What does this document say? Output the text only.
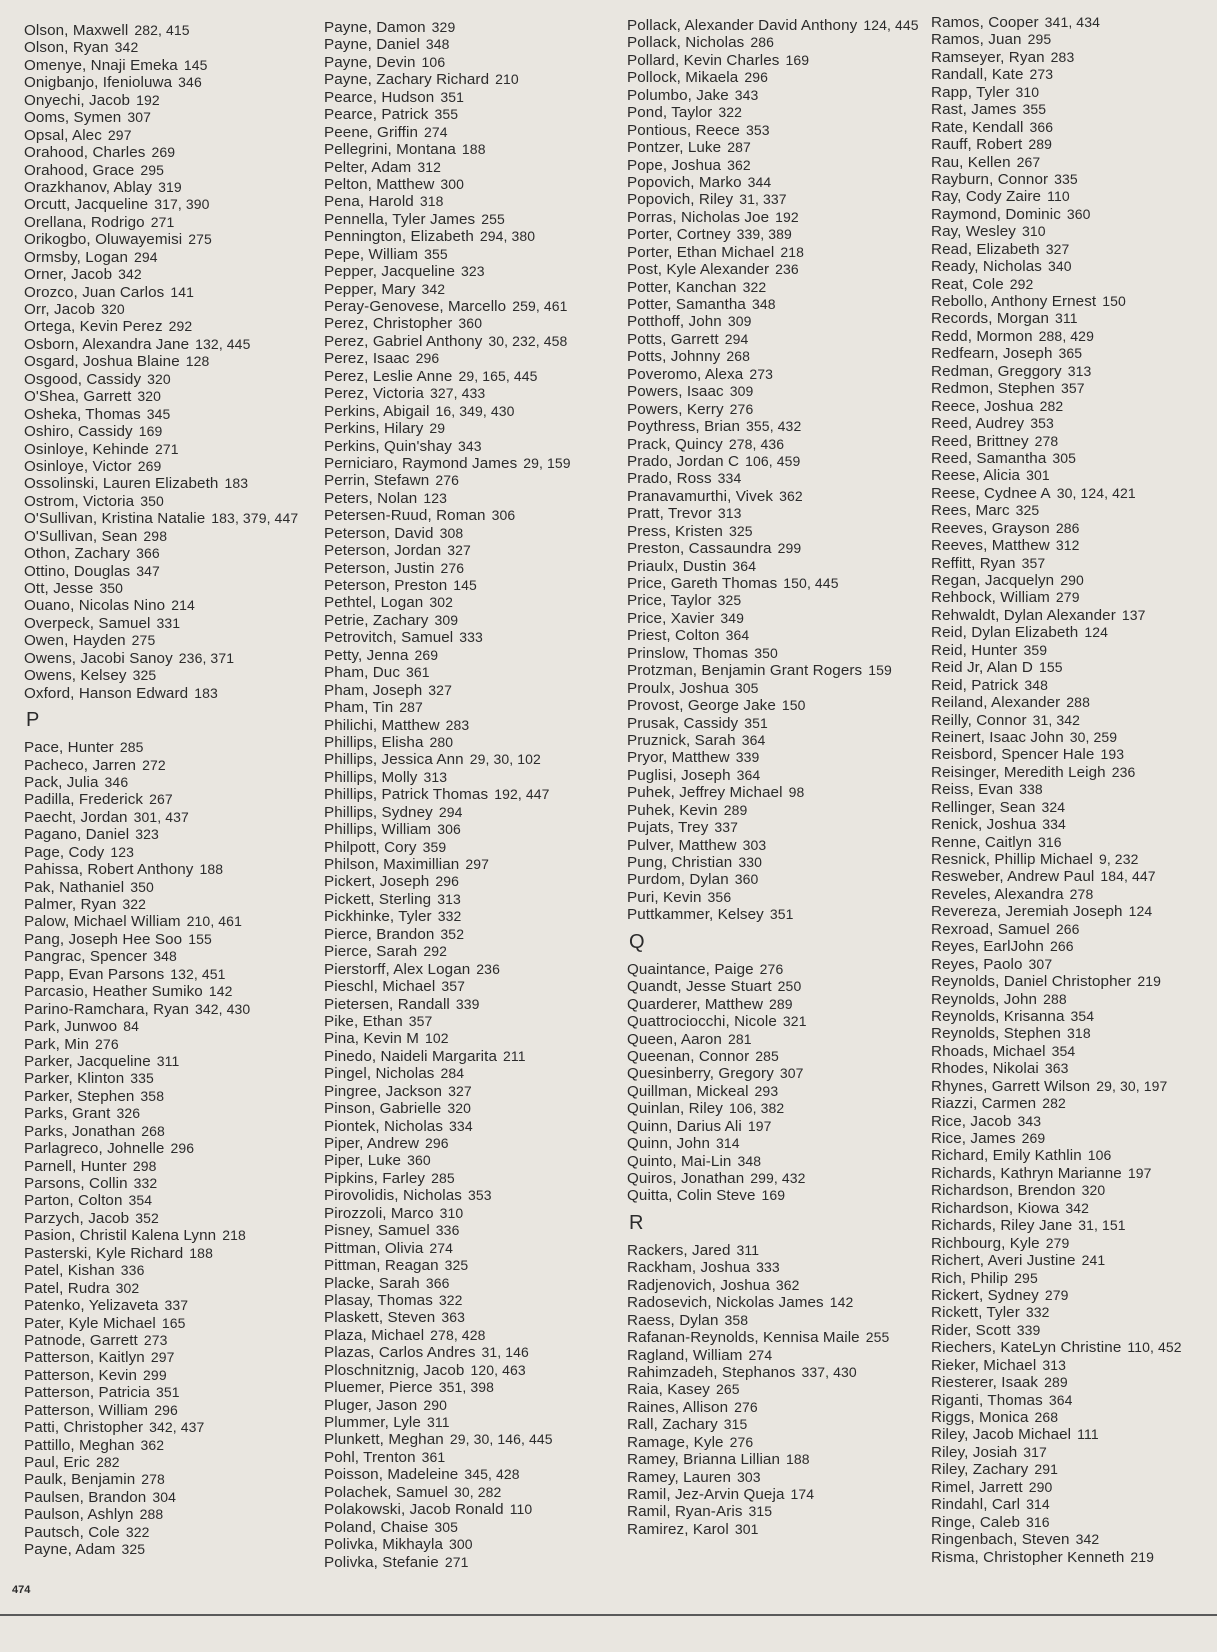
Olson, Maxwell 282, 415
Olson, Ryan 342
Omenye, Nnaji Emeka 145
Onigbanjo, Ifenioluwa 346
Onyechi, Jacob 192
Ooms, Symen 307
Opsal, Alec 297
Orahood, Charles 269
Orahood, Grace 295
Orazkhanov, Ablay 319
Orcutt, Jacqueline 317, 390
Orellana, Rodrigo 271
Orikogbo, Oluwayemisi 275
Ormsby, Logan 294
Orner, Jacob 342
Orozco, Juan Carlos 141
Orr, Jacob 320
Ortega, Kevin Perez 292
Osborn, Alexandra Jane 132, 445
Osgard, Joshua Blaine 128
Osgood, Cassidy 320
O'Shea, Garrett 320
Osheka, Thomas 345
Oshiro, Cassidy 169
Osinloye, Kehinde 271
Osinloye, Victor 269
Ossolinski, Lauren Elizabeth 183
Ostrom, Victoria 350
O'Sullivan, Kristina Natalie 183, 379, 447
O'Sullivan, Sean 298
Othon, Zachary 366
Ottino, Douglas 347
Ott, Jesse 350
Ouano, Nicolas Nino 214
Overpeck, Samuel 331
Owen, Hayden 275
Owens, Jacobi Sanoy 236, 371
Owens, Kelsey 325
Oxford, Hanson Edward 183
P
Pace, Hunter 285
Pacheco, Jarren 272
Pack, Julia 346
Padilla, Frederick 267
Paecht, Jordan 301, 437
Pagano, Daniel 323
Page, Cody 123
Pahissa, Robert Anthony 188
Pak, Nathaniel 350
Palmer, Ryan 322
Palow, Michael William 210, 461
Pang, Joseph Hee Soo 155
Pangrac, Spencer 348
Papp, Evan Parsons 132, 451
Parcasio, Heather Sumiko 142
Parino-Ramchara, Ryan 342, 430
Park, Junwoo 84
Park, Min 276
Parker, Jacqueline 311
Parker, Klinton 335
Parker, Stephen 358
Parks, Grant 326
Parks, Jonathan 268
Parlagreco, Johnelle 296
Parnell, Hunter 298
Parsons, Collin 332
Parton, Colton 354
Parzych, Jacob 352
Pasion, Christil Kalena Lynn 218
Pasterski, Kyle Richard 188
Patel, Kishan 336
Patel, Rudra 302
Patenko, Yelizaveta 337
Pater, Kyle Michael 165
Patnode, Garrett 273
Patterson, Kaitlyn 297
Patterson, Kevin 299
Patterson, Patricia 351
Patterson, William 296
Patti, Christopher 342, 437
Pattillo, Meghan 362
Paul, Eric 282
Paulk, Benjamin 278
Paulsen, Brandon 304
Paulson, Ashlyn 288
Pautsch, Cole 322
Payne, Adam 325
Payne, Damon 329
Payne, Daniel 348
Payne, Devin 106
Payne, Zachary Richard 210
Pearce, Hudson 351
Pearce, Patrick 355
Peene, Griffin 274
Pellegrini, Montana 188
Pelter, Adam 312
Pelton, Matthew 300
Pena, Harold 318
Pennella, Tyler James 255
Pennington, Elizabeth 294, 380
Pepe, William 355
Pepper, Jacqueline 323
Pepper, Mary 342
Peray-Genovese, Marcello 259, 461
Perez, Christopher 360
Perez, Gabriel Anthony 30, 232, 458
Perez, Isaac 296
Perez, Leslie Anne 29, 165, 445
Perez, Victoria 327, 433
Perkins, Abigail 16, 349, 430
Perkins, Hilary 29
Perkins, Quin'shay 343
Perniciaro, Raymond James 29, 159
Perrin, Stefawn 276
Peters, Nolan 123
Petersen-Ruud, Roman 306
Peterson, David 308
Peterson, Jordan 327
Peterson, Justin 276
Peterson, Preston 145
Pethtel, Logan 302
Petrie, Zachary 309
Petrovitch, Samuel 333
Petty, Jenna 269
Pham, Duc 361
Pham, Joseph 327
Pham, Tin 287
Philichi, Matthew 283
Phillips, Elisha 280
Phillips, Jessica Ann 29, 30, 102
Phillips, Molly 313
Phillips, Patrick Thomas 192, 447
Phillips, Sydney 294
Phillips, William 306
Philpott, Cory 359
Philson, Maximillian 297
Pickert, Joseph 296
Pickett, Sterling 313
Pickhinke, Tyler 332
Pierce, Brandon 352
Pierce, Sarah 292
Pierstorff, Alex Logan 236
Pieschl, Michael 357
Pietersen, Randall 339
Pike, Ethan 357
Pina, Kevin M 102
Pinedo, Naideli Margarita 211
Pingel, Nicholas 284
Pingree, Jackson 327
Pinson, Gabrielle 320
Piontek, Nicholas 334
Piper, Andrew 296
Piper, Luke 360
Pipkins, Farley 285
Pirovolidis, Nicholas 353
Pirozzoli, Marco 310
Pisney, Samuel 336
Pittman, Olivia 274
Pittman, Reagan 325
Placke, Sarah 366
Plasay, Thomas 322
Plaskett, Steven 363
Plaza, Michael 278, 428
Plazas, Carlos Andres 31, 146
Ploschnitznig, Jacob 120, 463
Pluemer, Pierce 351, 398
Pluger, Jason 290
Plummer, Lyle 311
Plunkett, Meghan 29, 30, 146, 445
Pohl, Trenton 361
Poisson, Madeleine 345, 428
Polachek, Samuel 30, 282
Polakowski, Jacob Ronald 110
Poland, Chaise 305
Polivka, Mikhayla 300
Polivka, Stefanie 271
Pollack, Alexander David Anthony 124, 445
Pollack, Nicholas 286
Pollard, Kevin Charles 169
Pollock, Mikaela 296
Polumbo, Jake 343
Pond, Taylor 322
Pontious, Reece 353
Pontzer, Luke 287
Pope, Joshua 362
Popovich, Marko 344
Popovich, Riley 31, 337
Porras, Nicholas Joe 192
Porter, Cortney 339, 389
Porter, Ethan Michael 218
Post, Kyle Alexander 236
Potter, Kanchan 322
Potter, Samantha 348
Potthoff, John 309
Potts, Garrett 294
Potts, Johnny 268
Poveromo, Alexa 273
Powers, Isaac 309
Powers, Kerry 276
Poythress, Brian 355, 432
Prack, Quincy 278, 436
Prado, Jordan C 106, 459
Prado, Ross 334
Pranavamurthi, Vivek 362
Pratt, Trevor 313
Press, Kristen 325
Preston, Cassaundra 299
Priaulx, Dustin 364
Price, Gareth Thomas 150, 445
Price, Taylor 325
Price, Xavier 349
Priest, Colton 364
Prinslow, Thomas 350
Protzman, Benjamin Grant Rogers 159
Proulx, Joshua 305
Provost, George Jake 150
Prusak, Cassidy 351
Pruznick, Sarah 364
Pryor, Matthew 339
Puglisi, Joseph 364
Puhek, Jeffrey Michael 98
Puhek, Kevin 289
Pujats, Trey 337
Pulver, Matthew 303
Pung, Christian 330
Purdom, Dylan 360
Puri, Kevin 356
Puttkammer, Kelsey 351
Q
Quaintance, Paige 276
Quandt, Jesse Stuart 250
Quarderer, Matthew 289
Quattrociocchi, Nicole 321
Queen, Aaron 281
Queenan, Connor 285
Quesinberry, Gregory 307
Quillman, Mickeal 293
Quinlan, Riley 106, 382
Quinn, Darius Ali 197
Quinn, John 314
Quinto, Mai-Lin 348
Quiros, Jonathan 299, 432
Quitta, Colin Steve 169
R
Rackers, Jared 311
Rackham, Joshua 333
Radjenovich, Joshua 362
Radosevich, Nickolas James 142
Raess, Dylan 358
Rafanan-Reynolds, Kennisa Maile 255
Ragland, William 274
Rahimzadeh, Stephanos 337, 430
Raia, Kasey 265
Raines, Allison 276
Rall, Zachary 315
Ramage, Kyle 276
Ramey, Brianna Lillian 188
Ramey, Lauren 303
Ramil, Jez-Arvin Queja 174
Ramil, Ryan-Aris 315
Ramirez, Karol 301
Ramos, Cooper 341, 434
Ramos, Juan 295
Ramseyer, Ryan 283
Randall, Kate 273
Rapp, Tyler 310
Rast, James 355
Rate, Kendall 366
Rauff, Robert 289
Rau, Kellen 267
Rayburn, Connor 335
Ray, Cody Zaire 110
Raymond, Dominic 360
Ray, Wesley 310
Read, Elizabeth 327
Ready, Nicholas 340
Reat, Cole 292
Rebollo, Anthony Ernest 150
Records, Morgan 311
Redd, Mormon 288, 429
Redfearn, Joseph 365
Redman, Greggory 313
Redmon, Stephen 357
Reece, Joshua 282
Reed, Audrey 353
Reed, Brittney 278
Reed, Samantha 305
Reese, Alicia 301
Reese, Cydnee A 30, 124, 421
Rees, Marc 325
Reeves, Grayson 286
Reeves, Matthew 312
Reffitt, Ryan 357
Regan, Jacquelyn 290
Rehbock, William 279
Rehwaldt, Dylan Alexander 137
Reid, Dylan Elizabeth 124
Reid, Hunter 359
Reid Jr, Alan D 155
Reid, Patrick 348
Reiland, Alexander 288
Reilly, Connor 31, 342
Reinert, Isaac John 30, 259
Reisbord, Spencer Hale 193
Reisinger, Meredith Leigh 236
Reiss, Evan 338
Rellinger, Sean 324
Renick, Joshua 334
Renne, Caitlyn 316
Resnick, Phillip Michael 9, 232
Resweber, Andrew Paul 184, 447
Reveles, Alexandra 278
Revereza, Jeremiah Joseph 124
Rexroad, Samuel 266
Reyes, EarlJohn 266
Reyes, Paolo 307
Reynolds, Daniel Christopher 219
Reynolds, John 288
Reynolds, Krisanna 354
Reynolds, Stephen 318
Rhoads, Michael 354
Rhodes, Nikolai 363
Rhynes, Garrett Wilson 29, 30, 197
Riazzi, Carmen 282
Rice, Jacob 343
Rice, James 269
Richard, Emily Kathlin 106
Richards, Kathryn Marianne 197
Richardson, Brendon 320
Richardson, Kiowa 342
Richards, Riley Jane 31, 151
Richbourg, Kyle 279
Richert, Averi Justine 241
Rich, Philip 295
Rickert, Sydney 279
Rickett, Tyler 332
Rider, Scott 339
Riechers, KateLyn Christine 110, 452
Rieker, Michael 313
Riesterer, Isaak 289
Riganti, Thomas 364
Riggs, Monica 268
Riley, Jacob Michael 111
Riley, Josiah 317
Riley, Zachary 291
Rimel, Jarrett 290
Rindahl, Carl 314
Ringe, Caleb 316
Ringenbach, Steven 342
Risma, Christopher Kenneth 219
474
